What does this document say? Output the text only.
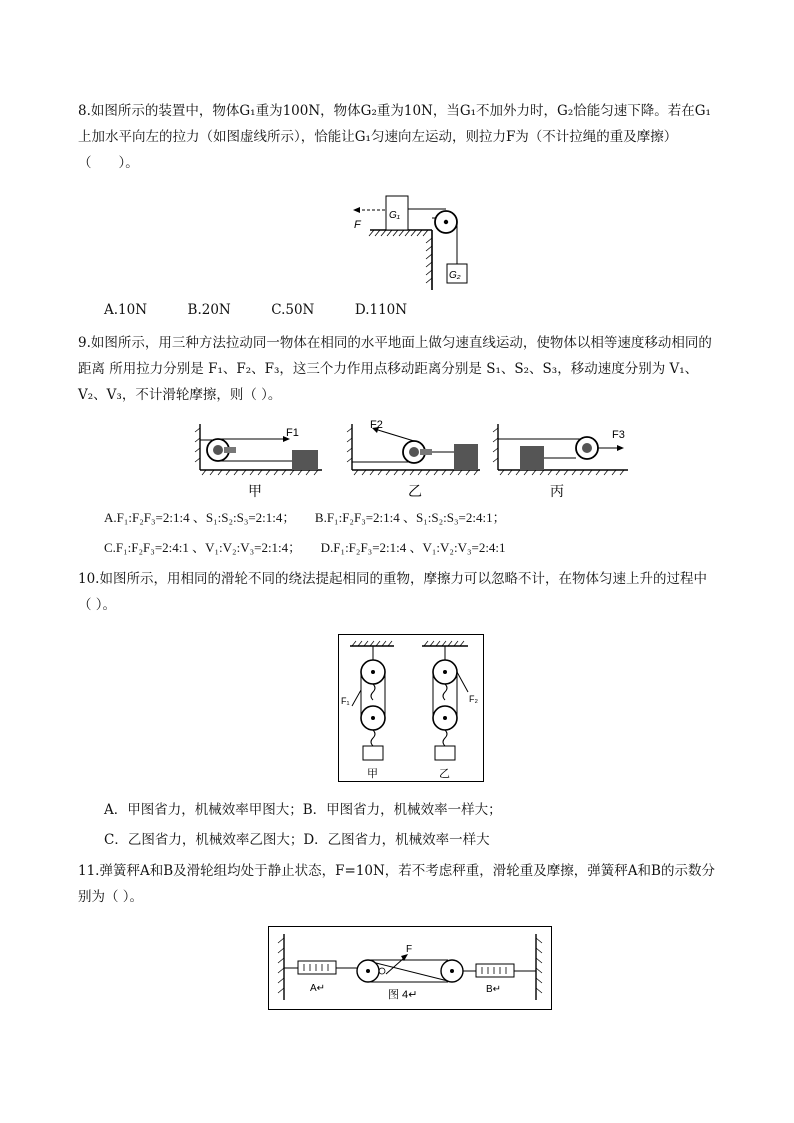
8.如图所示的装置中，物体G₁重为100N，物体G₂重为10N，当G₁不加外力时，G₂恰能匀速下降。若在G₁上加水平向左的拉力（如图虚线所示），恰能让G₁匀速向左运动，则拉力F为（不计拉绳的重及摩擦）（　　）。

G₁
F
G₂

A.10N　　　B.20N　　　C.50N　　　D.110N

9.如图所示，用三种方法拉动同一物体在相同的水平地面上做匀速直线运动，使物体以相等速度移动相同的距离 所用拉力分别是 F₁、F₂、F₃，这三个力作用点移动距离分别是 S₁、S₂、S₃，移动速度分别为 V₁、V₂、V₃，不计滑轮摩擦，则（ ）。

F1
F2
F3
甲	乙	丙

A.F₁:F₂F₃=2:1:4 、S₁:S₂:S₃=2:1:4；　　B.F₁:F₂F₃=2:1:4 、S₁:S₂:S₃=2:4:1；

C.F₁:F₂F₃=2:4:1 、V₁:V₂:V₃=2:1:4；　　D.F₁:F₂F₃=2:1:4 、V₁:V₂:V₃=2:4:1

10.如图所示，用相同的滑轮不同的绕法提起相同的重物，摩擦力可以忽略不计，在物体匀速上升的过程中（ ）。

F₁
甲
F₂
乙

A．甲图省力，机械效率甲图大；B．甲图省力，机械效率一样大；

C．乙图省力，机械效率乙图大；D．乙图省力，机械效率一样大

11.弹簧秤A和B及滑轮组均处于静止状态，F=10N，若不考虑秤重，滑轮重及摩擦，弹簧秤A和B的示数分别为（ ）。

A↵
F
B↵
图 4↵
